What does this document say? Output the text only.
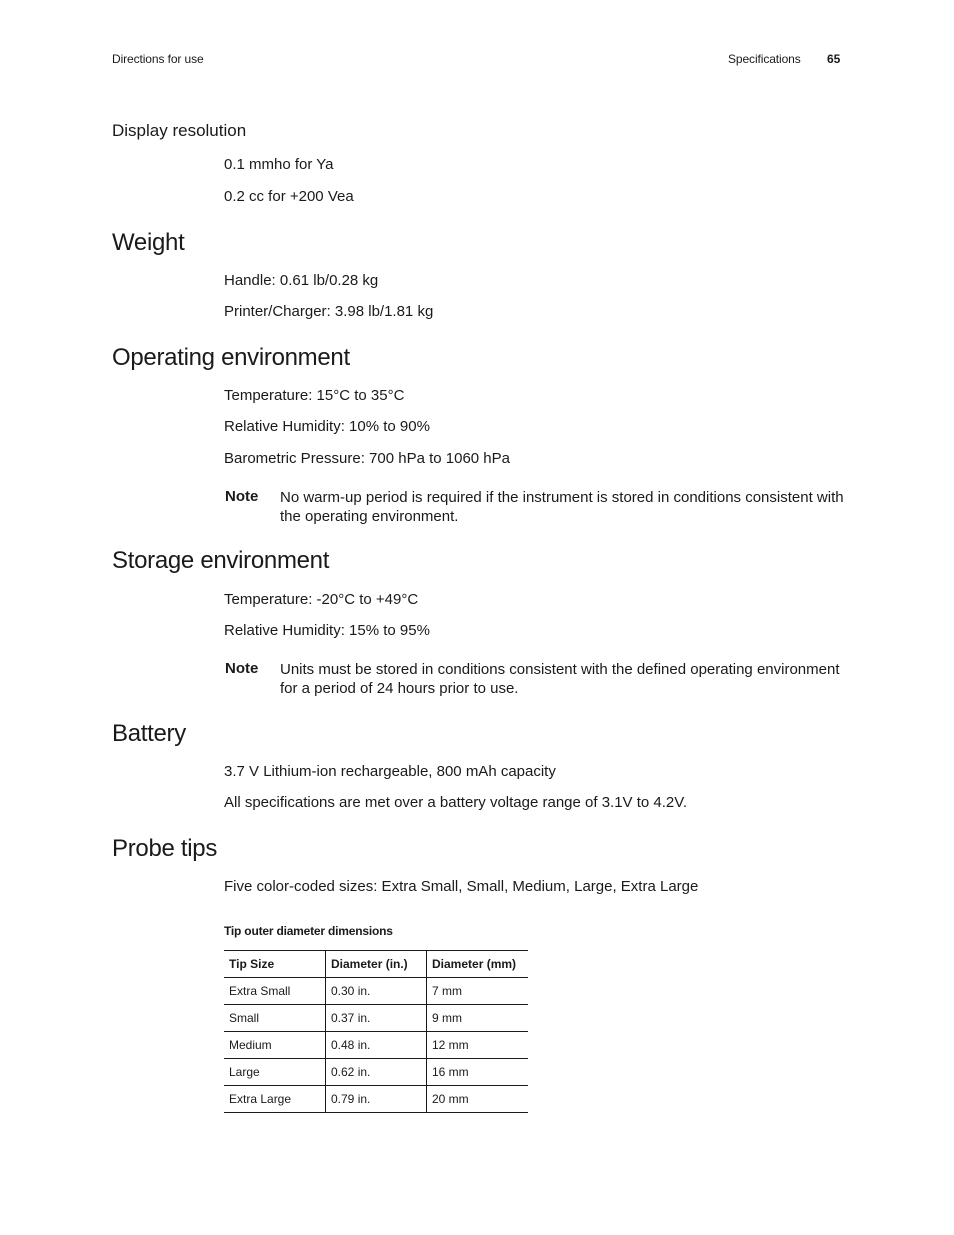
Directions for use	Specifications 65
Display resolution
0.1 mmho for Ya
0.2 cc for +200 Vea
Weight
Handle: 0.61 lb/0.28 kg
Printer/Charger: 3.98 lb/1.81 kg
Operating environment
Temperature: 15°C to 35°C
Relative Humidity: 10% to 90%
Barometric Pressure: 700 hPa to 1060 hPa
Note No warm-up period is required if the instrument is stored in conditions consistent with the operating environment.
Storage environment
Temperature: -20°C to +49°C
Relative Humidity: 15% to 95%
Note Units must be stored in conditions consistent with the defined operating environment for a period of 24 hours prior to use.
Battery
3.7 V Lithium-ion rechargeable, 800 mAh capacity
All specifications are met over a battery voltage range of 3.1V to 4.2V.
Probe tips
Five color-coded sizes: Extra Small, Small, Medium, Large, Extra Large
Tip outer diameter dimensions
Tip Size	Diameter (in.)	Diameter (mm)
Extra Small	0.30 in.	7 mm
Small	0.37 in.	9 mm
Medium	0.48 in.	12 mm
Large	0.62 in.	16 mm
Extra Large	0.79 in.	20 mm
